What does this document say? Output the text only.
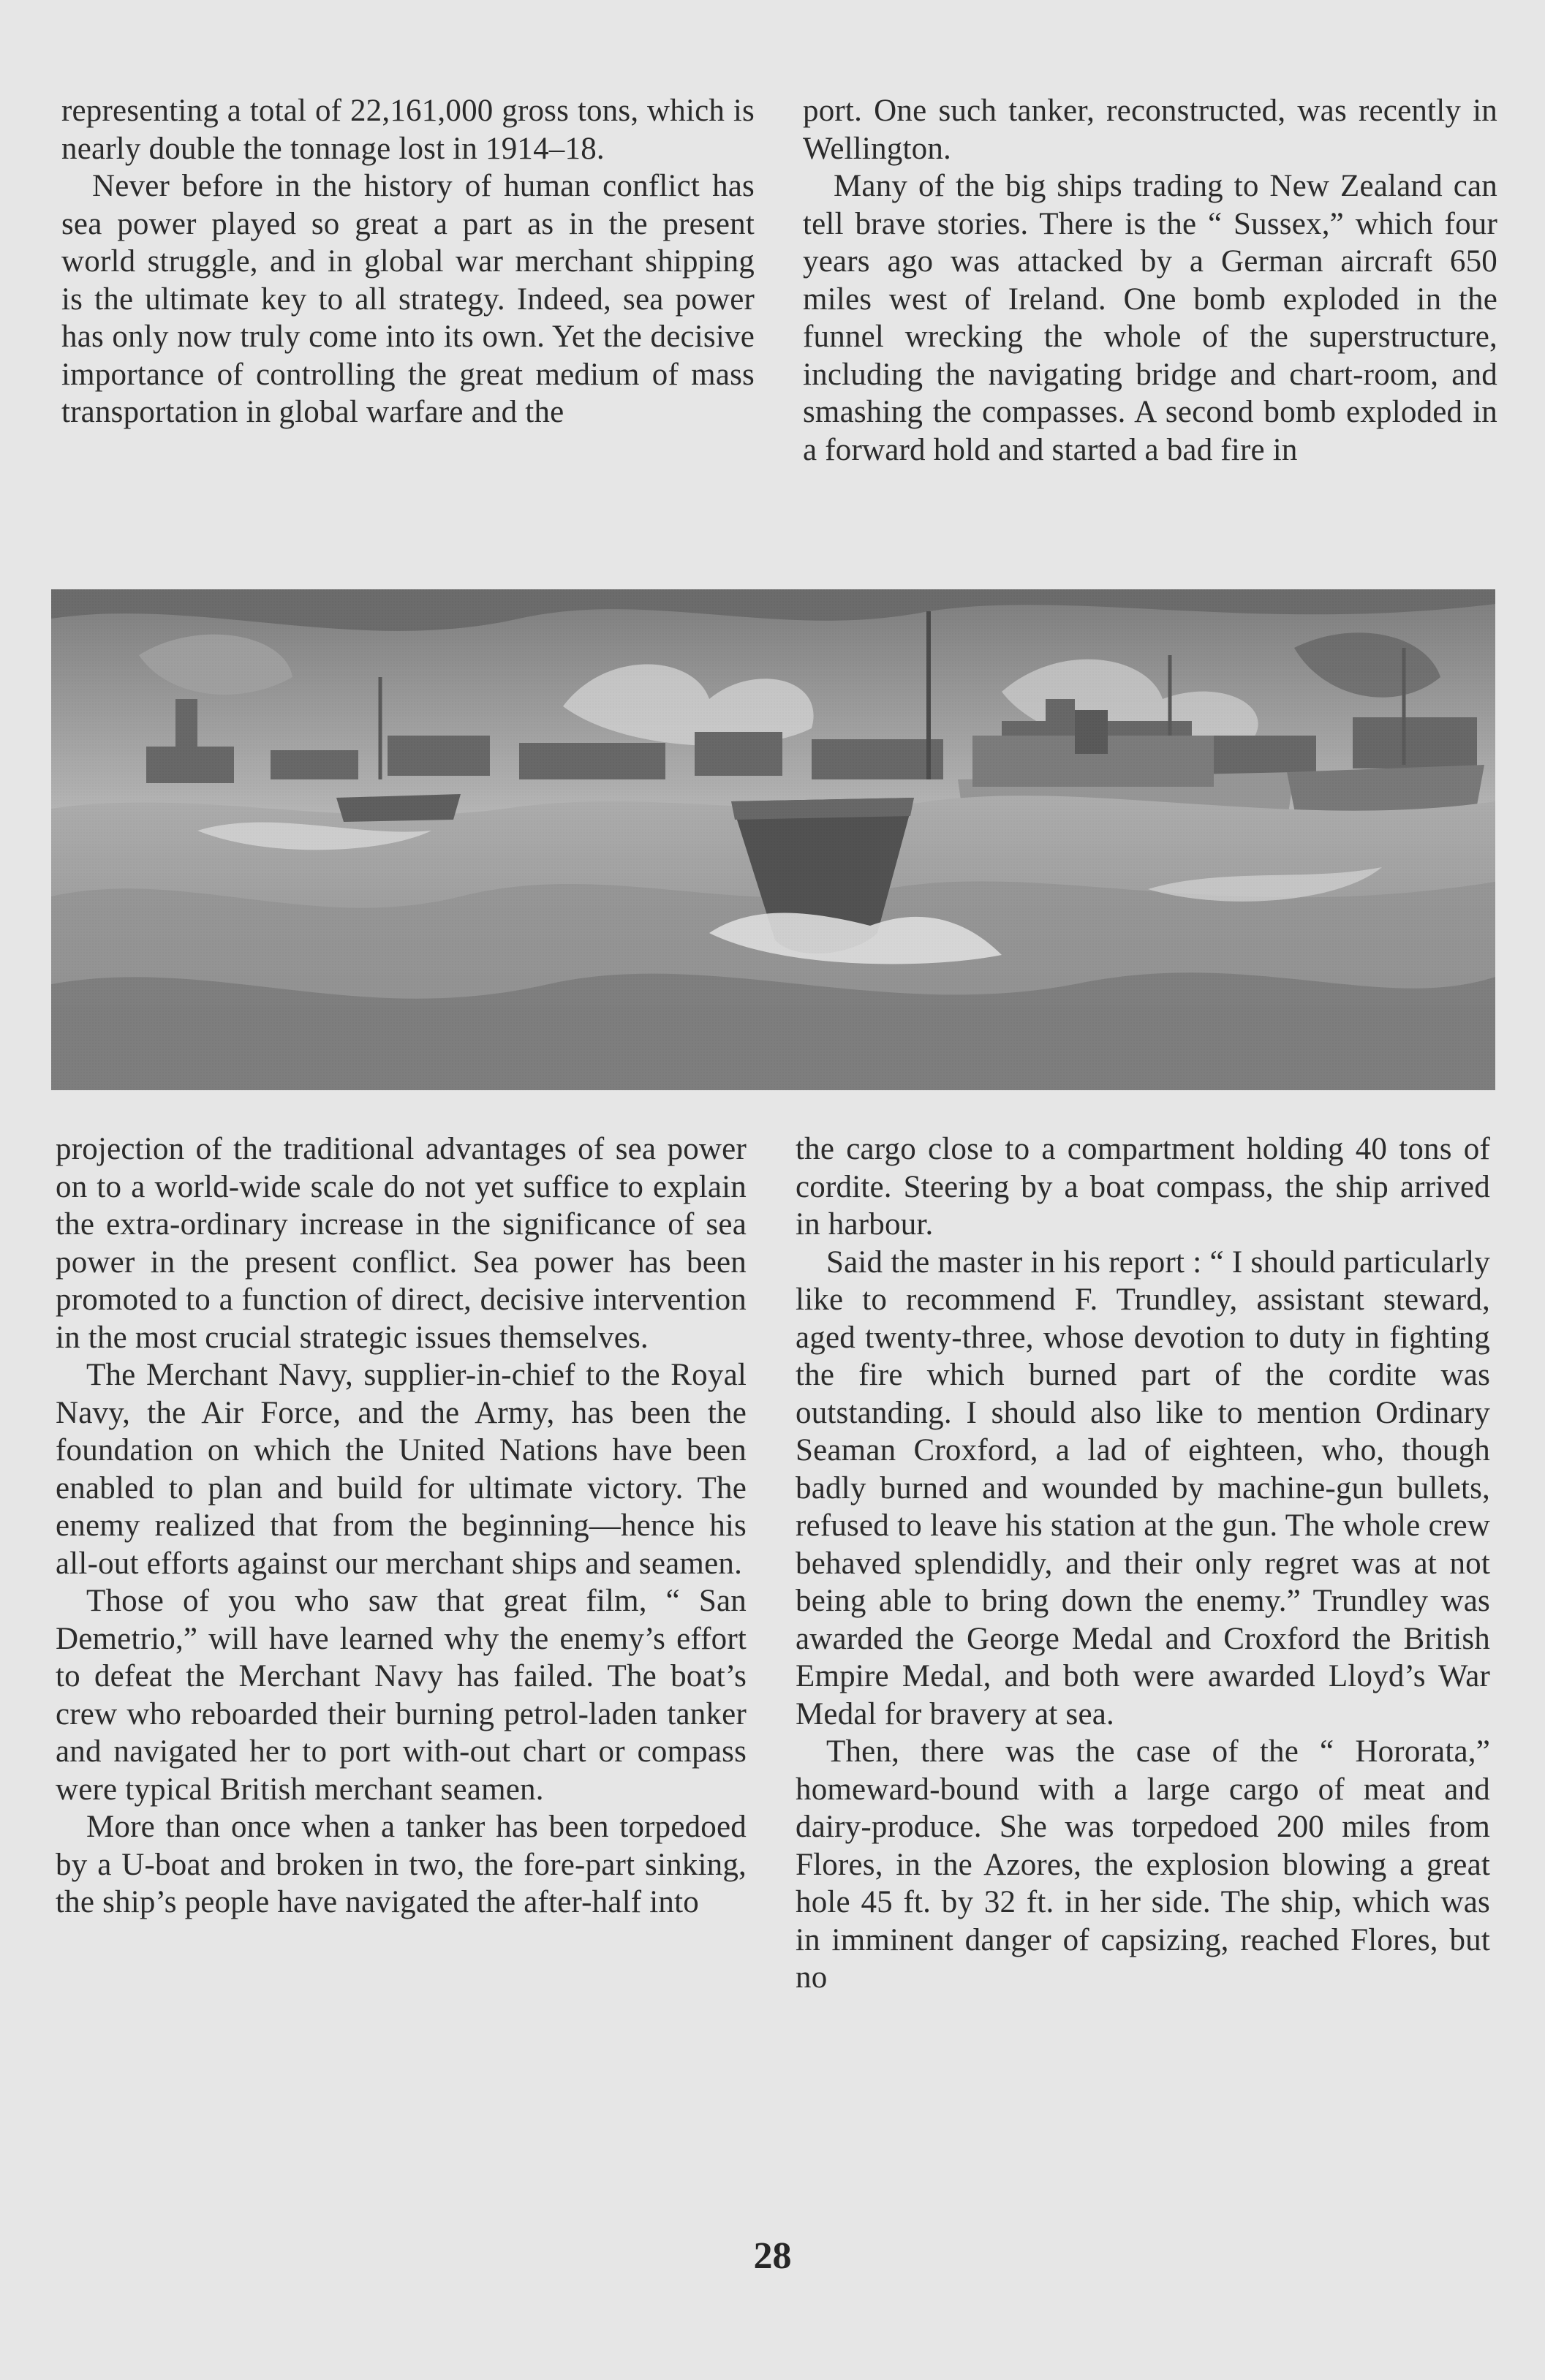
representing a total of 22,161,000 gross tons, which is nearly double the tonnage lost in 1914–18.

Never before in the history of human conflict has sea power played so great a part as in the present world struggle, and in global war merchant shipping is the ultimate key to all strategy. Indeed, sea power has only now truly come into its own. Yet the decisive importance of controlling the great medium of mass transportation in global warfare and the

port. One such tanker, reconstructed, was recently in Wellington.

Many of the big ships trading to New Zealand can tell brave stories. There is the “ Sussex,” which four years ago was attacked by a German aircraft 650 miles west of Ireland. One bomb exploded in the funnel wrecking the whole of the superstructure, including the navigating bridge and chart-room, and smashing the compasses. A second bomb exploded in a forward hold and started a bad fire in

projection of the traditional advantages of sea power on to a world-wide scale do not yet suffice to explain the extra-ordinary increase in the significance of sea power in the present conflict. Sea power has been promoted to a function of direct, decisive intervention in the most crucial strategic issues themselves.

The Merchant Navy, supplier-in-chief to the Royal Navy, the Air Force, and the Army, has been the foundation on which the United Nations have been enabled to plan and build for ultimate victory. The enemy realized that from the beginning—hence his all-out efforts against our merchant ships and seamen.

Those of you who saw that great film, “ San Demetrio,” will have learned why the enemy’s effort to defeat the Merchant Navy has failed. The boat’s crew who reboarded their burning petrol-laden tanker and navigated her to port with-out chart or compass were typical British merchant seamen.

More than once when a tanker has been torpedoed by a U-boat and broken in two, the fore-part sinking, the ship’s people have navigated the after-half into

the cargo close to a compartment holding 40 tons of cordite. Steering by a boat compass, the ship arrived in harbour.

Said the master in his report : “ I should particularly like to recommend F. Trundley, assistant steward, aged twenty-three, whose devotion to duty in fighting the fire which burned part of the cordite was outstanding. I should also like to mention Ordinary Seaman Croxford, a lad of eighteen, who, though badly burned and wounded by machine-gun bullets, refused to leave his station at the gun. The whole crew behaved splendidly, and their only regret was at not being able to bring down the enemy.” Trundley was awarded the George Medal and Croxford the British Empire Medal, and both were awarded Lloyd’s War Medal for bravery at sea.

Then, there was the case of the “ Hororata,” homeward-bound with a large cargo of meat and dairy-produce. She was torpedoed 200 miles from Flores, in the Azores, the explosion blowing a great hole 45 ft. by 32 ft. in her side. The ship, which was in imminent danger of capsizing, reached Flores, but no

28
